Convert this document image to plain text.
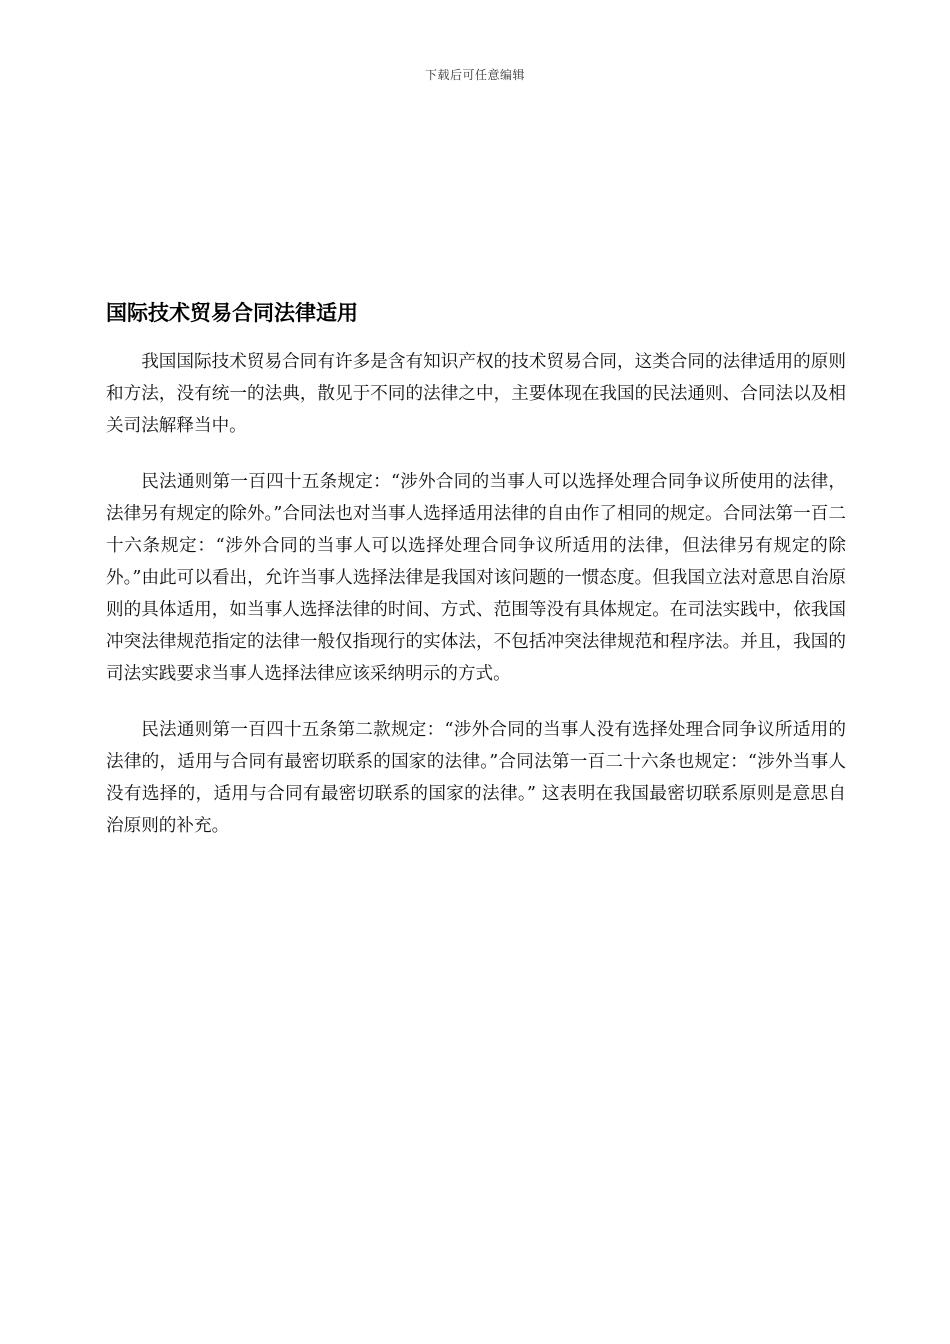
下载后可任意编辑
国际技术贸易合同法律适用

我国国际技术贸易合同有许多是含有知识产权的技术贸易合同，这类合同的法律适用的原则和方法，没有统一的法典，散见于不同的法律之中，主要体现在我国的民法通则、合同法以及相关司法解释当中。

民法通则第一百四十五条规定：“涉外合同的当事人可以选择处理合同争议所使用的法律，法律另有规定的除外。”合同法也对当事人选择适用法律的自由作了相同的规定。合同法第一百二十六条规定：“涉外合同的当事人可以选择处理合同争议所适用的法律，但法律另有规定的除外。”由此可以看出，允许当事人选择法律是我国对该问题的一惯态度。但我国立法对意思自治原则的具体适用，如当事人选择法律的时间、方式、范围等没有具体规定。在司法实践中，依我国冲突法律规范指定的法律一般仅指现行的实体法，不包括冲突法律规范和程序法。并且，我国的司法实践要求当事人选择法律应该采纳明示的方式。

民法通则第一百四十五条第二款规定：“涉外合同的当事人没有选择处理合同争议所适用的法律的，适用与合同有最密切联系的国家的法律。”合同法第一百二十六条也规定：“涉外当事人没有选择的，适用与合同有最密切联系的国家的法律。” 这表明在我国最密切联系原则是意思自治原则的补充。
